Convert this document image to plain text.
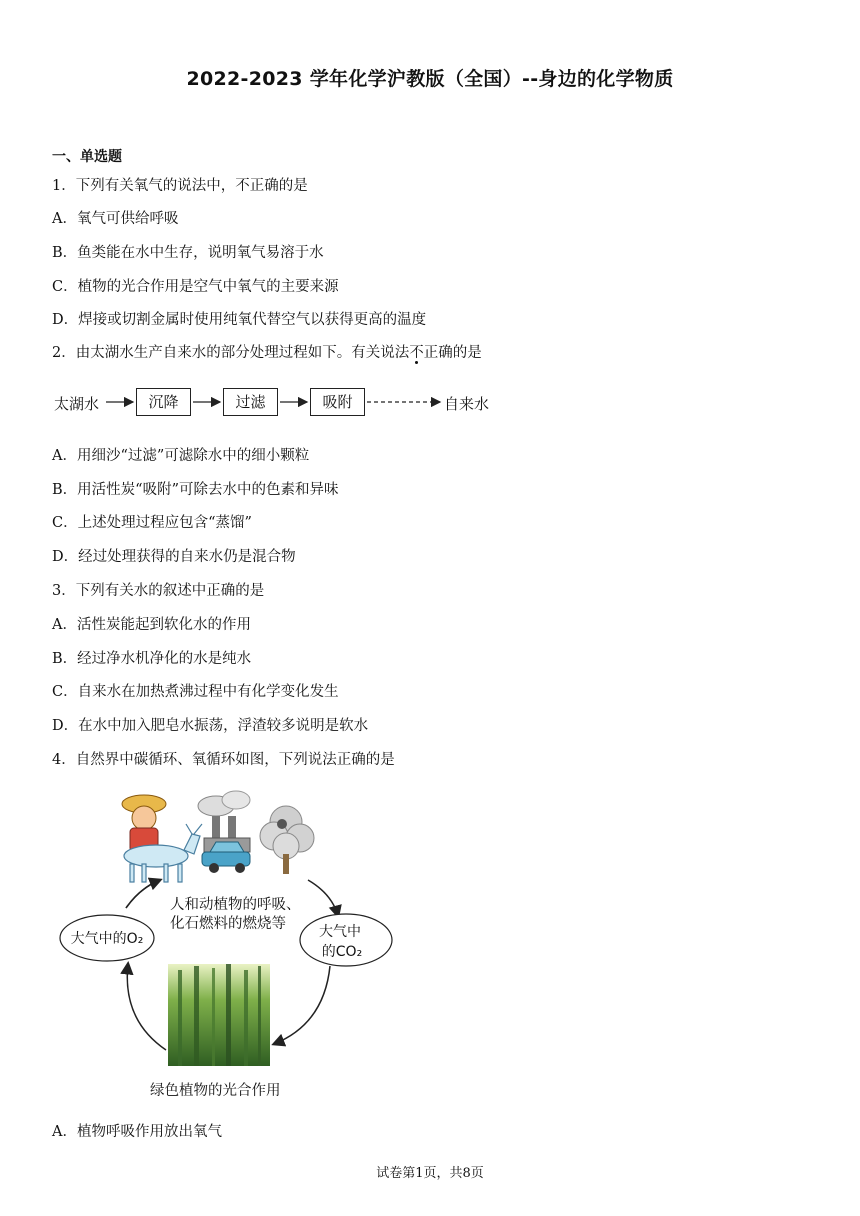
2022-2023 学年化学沪教版（全国）--身边的化学物质
一、单选题
1．下列有关氧气的说法中，不正确的是
A．氧气可供给呼吸
B．鱼类能在水中生存，说明氧气易溶于水
C．植物的光合作用是空气中氧气的主要来源
D．焊接或切割金属时使用纯氧代替空气以获得更高的温度
2．由太湖水生产自来水的部分处理过程如下。有关说法不正确的是
太湖水	沉降	过滤	吸附	自来水
A．用细沙“过滤”可滤除水中的细小颗粒
B．用活性炭“吸附”可除去水中的色素和异味
C．上述处理过程应包含“蒸馏”
D．经过处理获得的自来水仍是混合物
3．下列有关水的叙述中正确的是
A．活性炭能起到软化水的作用
B．经过净水机净化的水是纯水
C．自来水在加热煮沸过程中有化学变化发生
D．在水中加入肥皂水振荡，浮渣较多说明是软水
4．自然界中碳循环、氧循环如图，下列说法正确的是
人和动植物的呼吸、
化石燃料的燃烧等
大气中的O₂	大气中
的CO₂
绿色植物的光合作用
A．植物呼吸作用放出氧气
试卷第1页，共8页
